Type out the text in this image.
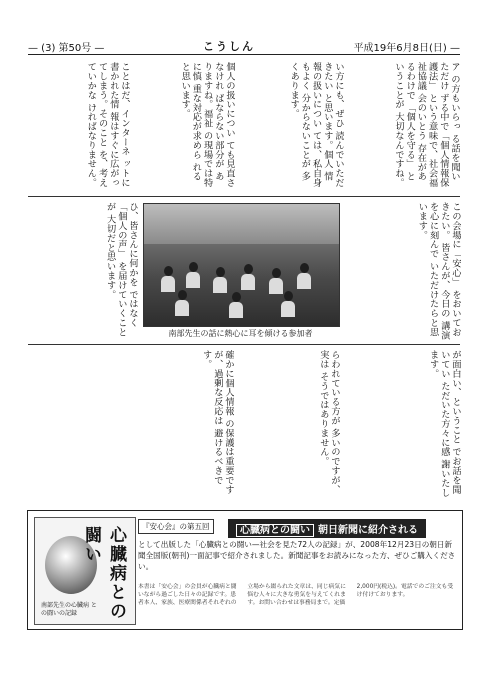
— (3) 第50号 —	こうしん	平成19年6月8日(日) —
ア の方もいらっ る話を聞いただけ ずる中で「個人情報保護法」 という意味で、社会福祉協議 会のいとう 存在があるわけで 「個人を守る」 ということが 大切なんですね。
い方にも、ぜひ 読んでいただきたい と思います。個人 情報の扱いについ ては、私自身もよく 分からないことが 多くあります。
個人の扱いについ ても見直さなけれ ばならない部分が ありますね。福祉 の現場では特に慎 重な対応が求めら れると思います。
ことはだ、インターネ ットに書かれた情 報はすぐに広がっ てしまう。そのこと を、考えていかな ければなりません。
この会場に「安心」 をおいておきたい。 皆さんが、今日の 講演を心に刻んで いただけたらと思 います。
南部先生の話に熱心に耳を傾ける参加者
ひ、皆さんに何かを ではなく「個人の声」 を届けていくことが 大切だと思います。
が面白い、ということ でお話を聞いてい ただいた方々に感 謝いたします。
らわれている方が 多いのですが、実は そうではありません。
確かに個人情報 の保護は重要です が、過剰な反応は 避けるべきです。
心臓病との闘い
南部先生の心臓病 との闘いの記録
『安心会』の第五回	心臓病との闘い 朝日新聞に紹介される
として出版した「心臓病との闘い—社会を見た72人の記録」が、2008年12月23日の朝日新聞全国版(朝刊)一面記事で紹介されました。新聞記事をお読みになった方、ぜひご購入ください。
本書は「安心会」の会員が心臓病と闘いながら過ごした日々の記録です。患者本人、家族、医療関係者それぞれの立場から綴られた文章は、同じ病気に悩む人々に大きな勇気を与えてくれます。お問い合わせは事務局まで。定価2,000円(税込)。電話でのご注文も受け付けております。
